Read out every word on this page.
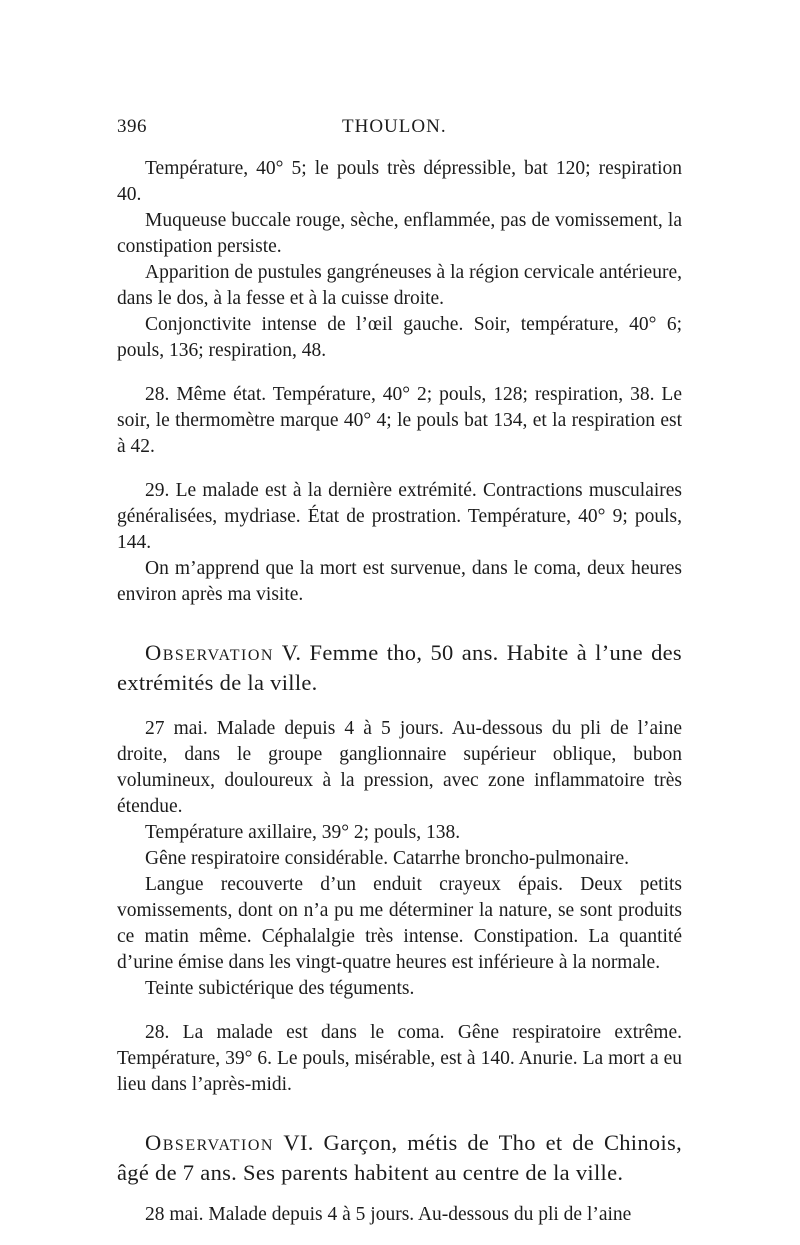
396	THOULON.

Température, 40° 5; le pouls très dépressible, bat 120; respiration 40.

Muqueuse buccale rouge, sèche, enflammée, pas de vomissement, la constipation persiste.

Apparition de pustules gangréneuses à la région cervicale antérieure, dans le dos, à la fesse et à la cuisse droite.

Conjonctivite intense de l’œil gauche. Soir, température, 40° 6; pouls, 136; respiration, 48.

28. Même état. Température, 40° 2; pouls, 128; respiration, 38. Le soir, le thermomètre marque 40° 4; le pouls bat 134, et la respiration est à 42.

29. Le malade est à la dernière extrémité. Contractions musculaires généralisées, mydriase. État de prostration. Température, 40° 9; pouls, 144.

On m’apprend que la mort est survenue, dans le coma, deux heures environ après ma visite.

Observation V. Femme tho, 50 ans. Habite à l’une des extrémités de la ville.

27 mai. Malade depuis 4 à 5 jours. Au-dessous du pli de l’aine droite, dans le groupe ganglionnaire supérieur oblique, bubon volumineux, douloureux à la pression, avec zone inflammatoire très étendue.

Température axillaire, 39° 2; pouls, 138.

Gêne respiratoire considérable. Catarrhe broncho-pulmonaire.

Langue recouverte d’un enduit crayeux épais. Deux petits vomissements, dont on n’a pu me déterminer la nature, se sont produits ce matin même. Céphalalgie très intense. Constipation. La quantité d’urine émise dans les vingt-quatre heures est inférieure à la normale.

Teinte subictérique des téguments.

28. La malade est dans le coma. Gêne respiratoire extrême. Température, 39° 6. Le pouls, misérable, est à 140. Anurie. La mort a eu lieu dans l’après-midi.

Observation VI. Garçon, métis de Tho et de Chinois, âgé de 7 ans. Ses parents habitent au centre de la ville.

28 mai. Malade depuis 4 à 5 jours. Au-dessous du pli de l’aine
